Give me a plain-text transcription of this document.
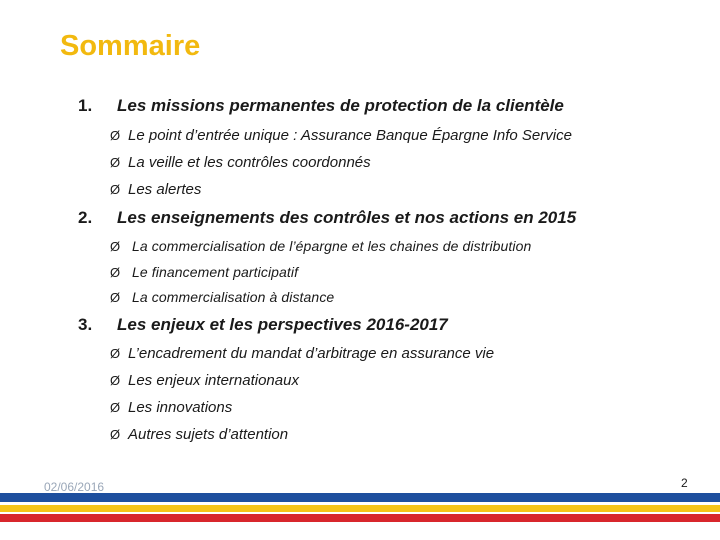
Sommaire
1. Les missions permanentes de protection de la clientèle
Ø Le point d’entrée unique : Assurance Banque Épargne Info Service
Ø La veille et les contrôles coordonnés
Ø Les alertes
2. Les enseignements des contrôles et nos actions en 2015
Ø La commercialisation de l’épargne et les chaines de distribution
Ø Le financement participatif
Ø La commercialisation à distance
3. Les enjeux et les perspectives 2016-2017
Ø L’encadrement du mandat d’arbitrage en assurance vie
Ø Les enjeux internationaux
Ø Les innovations
Ø Autres sujets d’attention
02/06/2016	2
